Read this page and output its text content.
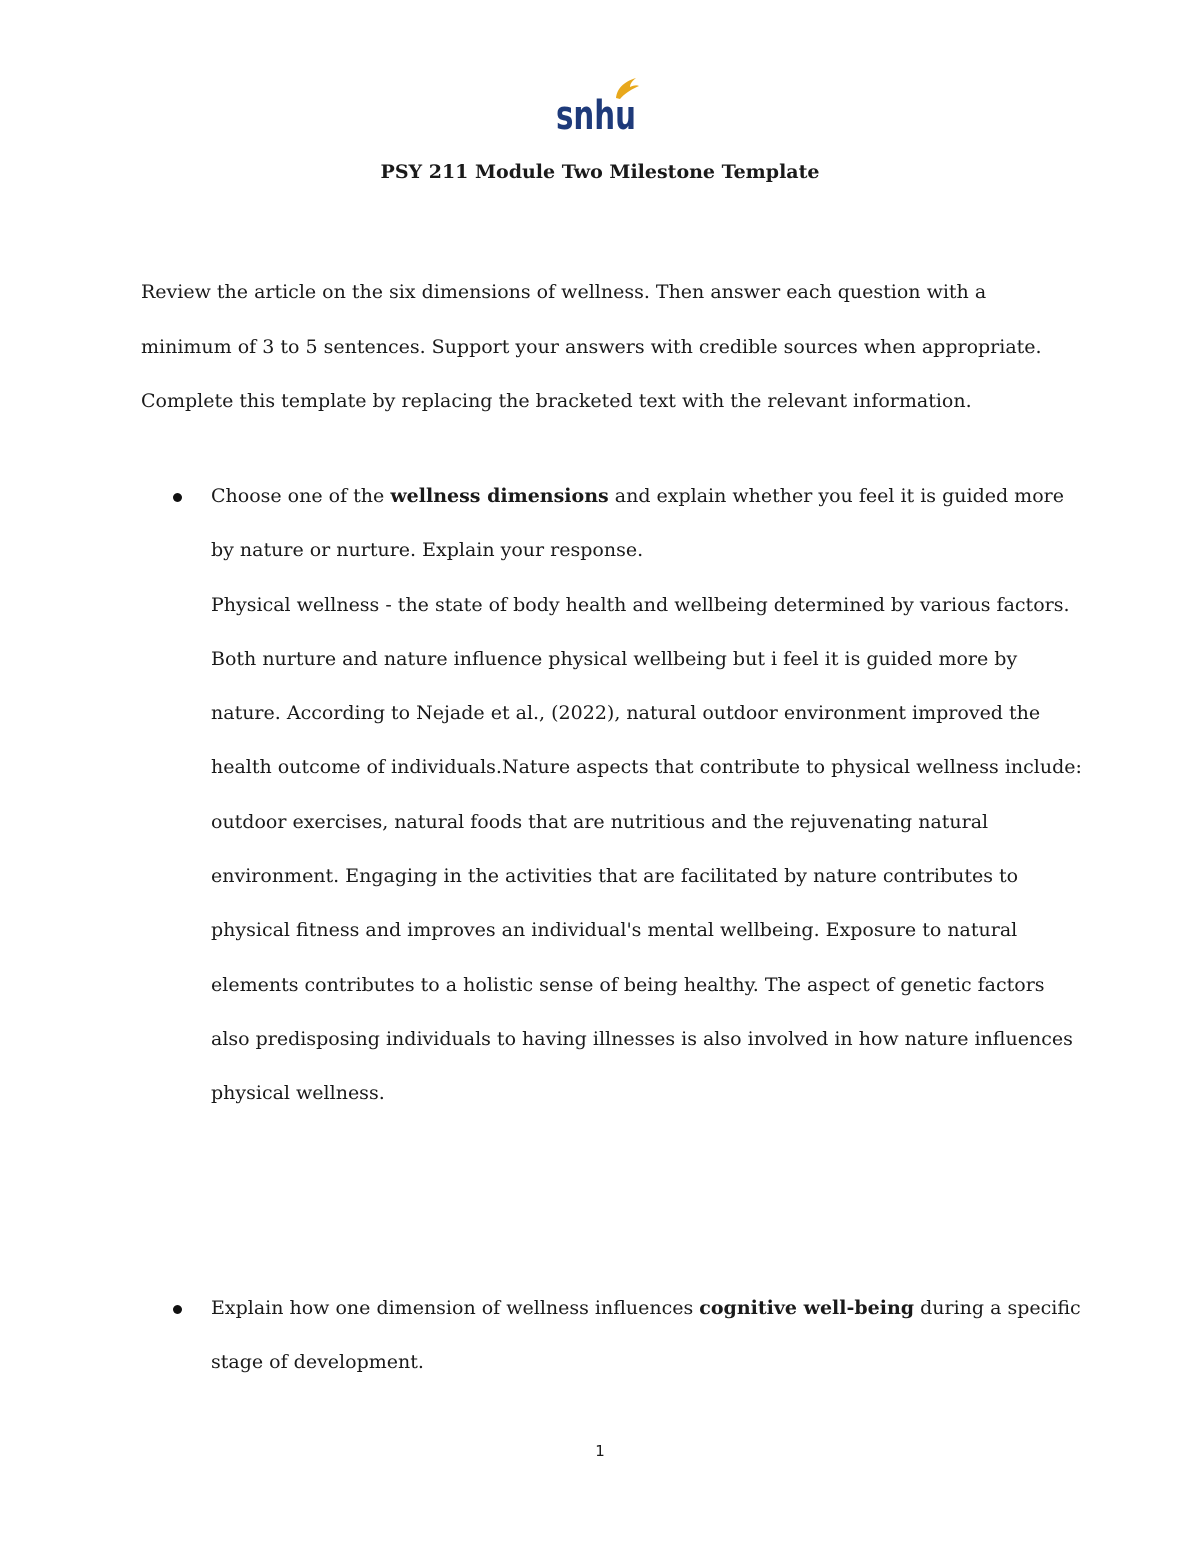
snhu
PSY 211 Module Two Milestone Template

Review the article on the six dimensions of wellness. Then answer each question with a

minimum of 3 to 5 sentences. Support your answers with credible sources when appropriate.

Complete this template by replacing the bracketed text with the relevant information.

Choose one of the wellness dimensions and explain whether you feel it is guided more
by nature or nurture. Explain your response.
Physical wellness - the state of body health and wellbeing determined by various factors.
Both nurture and nature influence physical wellbeing but i feel it is guided more by
nature. According to Nejade et al., (2022), natural outdoor environment improved the
health outcome of individuals.Nature aspects that contribute to physical wellness include:
outdoor exercises, natural foods that are nutritious and the rejuvenating natural
environment. Engaging in the activities that are facilitated by nature contributes to
physical fitness and improves an individual's mental wellbeing. Exposure to natural
elements contributes to a holistic sense of being healthy. The aspect of genetic factors
also predisposing individuals to having illnesses is also involved in how nature influences
physical wellness.
Explain how one dimension of wellness influences cognitive well-being during a specific
stage of development.
1
